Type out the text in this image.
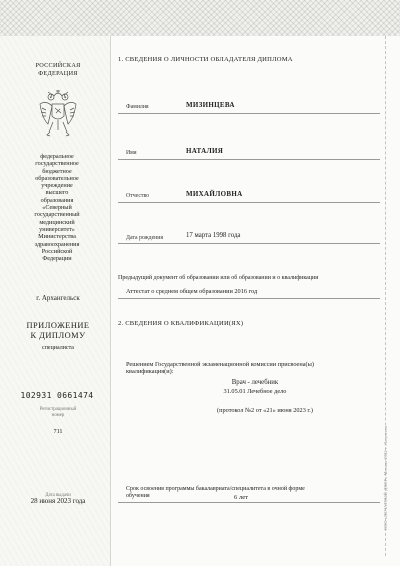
РОССИЙСКАЯ
ФЕДЕРАЦИЯ
федеральное
государственное
бюджетное
образовательное
учреждение
высшего
образования
«Северный
государственный
медицинский
университет»
Министерства
здравоохранения
Российской
Федерации
г. Архангельск
ПРИЛОЖЕНИЕ
К ДИПЛОМУ
специалиста
102931 0661474
Регистрационный
номер
711
Дата выдачи
28 июня 2023 года
1. СВЕДЕНИЯ О ЛИЧНОСТИ ОБЛАДАТЕЛЯ ДИПЛОМА
Фамилия	МИЗИНЦЕВА
Имя	НАТАЛИЯ
Отчество	МИХАЙЛОВНА
Дата рождения	17 марта 1998 года
Предыдущий документ об образовании или об образовании и о квалификации
Аттестат о среднем общем образовании 2016 год
2. СВЕДЕНИЯ О КВАЛИФИКАЦИИ(ЯХ)
Решением Государственной экзаменационной комиссии присвоена(ы)
квалификация(и):
Врач - лечебник
31.05.01 Лечебное дело
(протокол №2 от «21» июня 2023 г.)
Срок освоения программы бакалавриата/специалитета в очной форме
обучения	6 лет	ООО «ПЕЧАТНЫЙ ДВОР» Москва 2022 г. Лицензия
